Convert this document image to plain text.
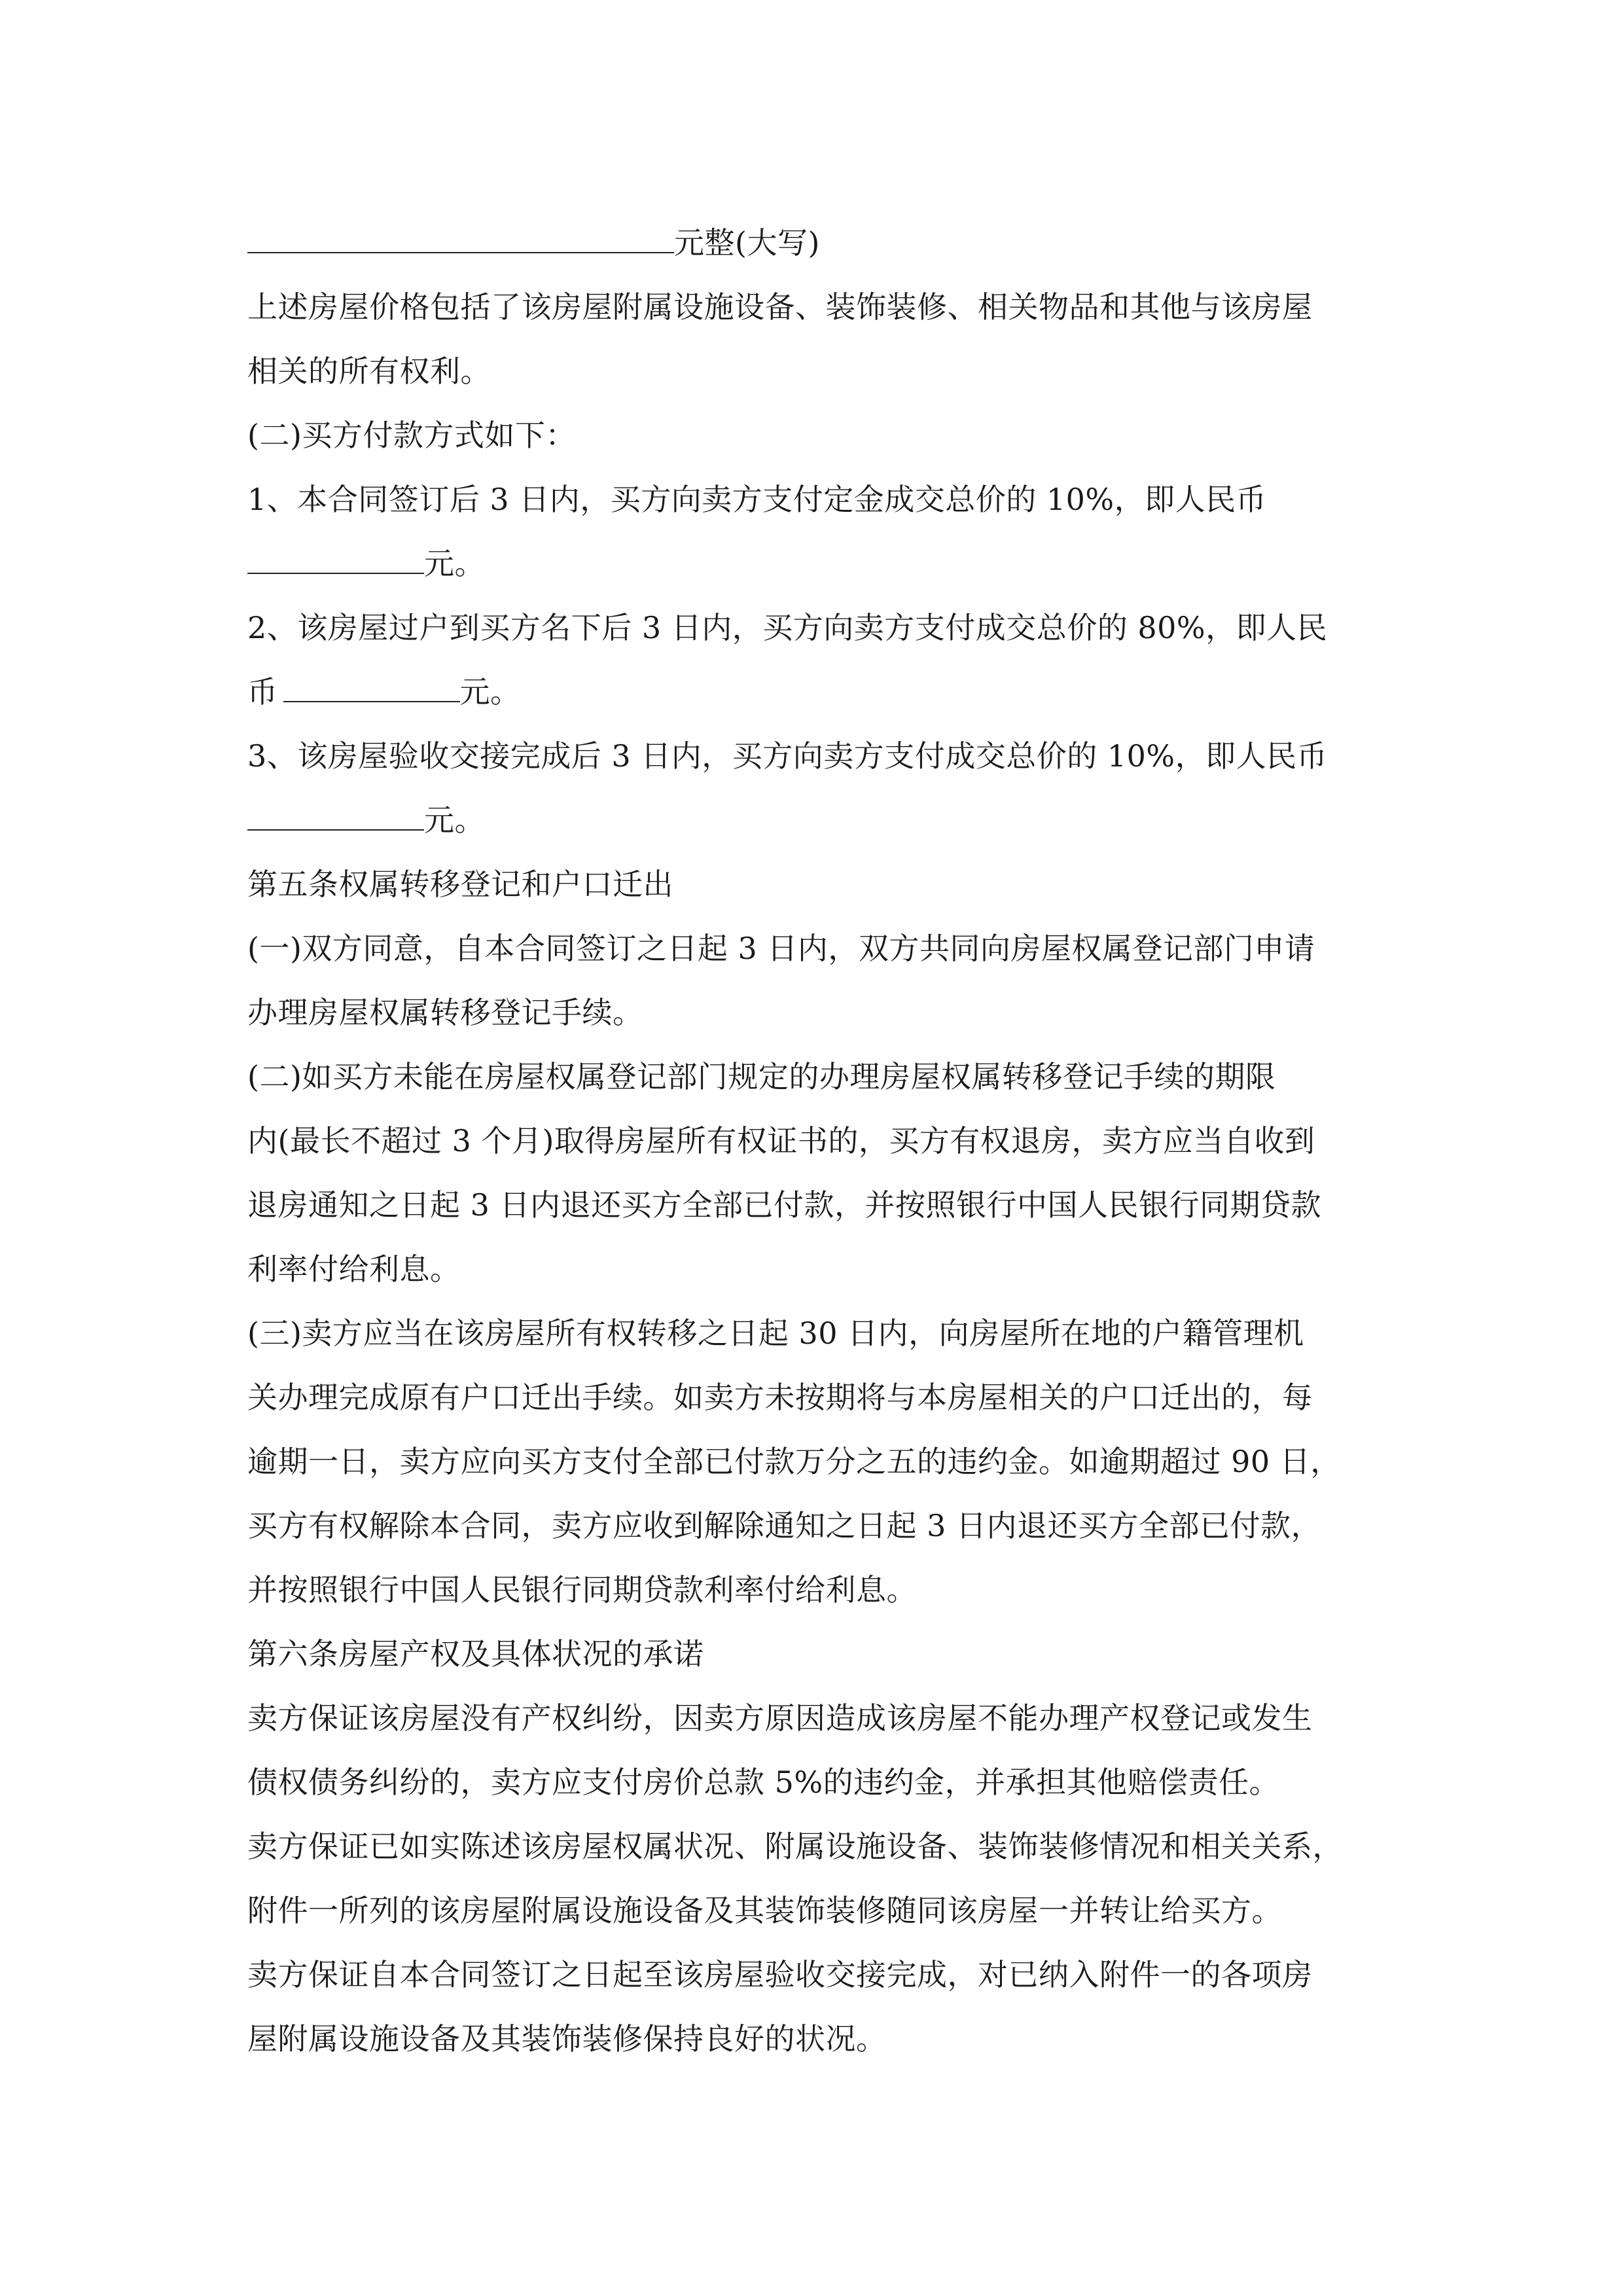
元整(大写)
上述房屋价格包括了该房屋附属设施设备、装饰装修、相关物品和其他与该房屋
相关的所有权利。
(二)买方付款方式如下：
1、本合同签订后 3 日内，买方向卖方支付定金成交总价的 10%，即人民币
元。
2、该房屋过户到买方名下后 3 日内，买方向卖方支付成交总价的 80%，即人民
币	元。
3、该房屋验收交接完成后 3 日内，买方向卖方支付成交总价的 10%，即人民币
元。
第五条权属转移登记和户口迁出
(一)双方同意，自本合同签订之日起 3 日内，双方共同向房屋权属登记部门申请
办理房屋权属转移登记手续。
(二)如买方未能在房屋权属登记部门规定的办理房屋权属转移登记手续的期限
内(最长不超过 3 个月)取得房屋所有权证书的，买方有权退房，卖方应当自收到
退房通知之日起 3 日内退还买方全部已付款，并按照银行中国人民银行同期贷款
利率付给利息。
(三)卖方应当在该房屋所有权转移之日起 30 日内，向房屋所在地的户籍管理机
关办理完成原有户口迁出手续。如卖方未按期将与本房屋相关的户口迁出的，每
逾期一日，卖方应向买方支付全部已付款万分之五的违约金。如逾期超过 90 日，
买方有权解除本合同，卖方应收到解除通知之日起 3 日内退还买方全部已付款，
并按照银行中国人民银行同期贷款利率付给利息。
第六条房屋产权及具体状况的承诺
卖方保证该房屋没有产权纠纷，因卖方原因造成该房屋不能办理产权登记或发生
债权债务纠纷的，卖方应支付房价总款 5%的违约金，并承担其他赔偿责任。
卖方保证已如实陈述该房屋权属状况、附属设施设备、装饰装修情况和相关关系，
附件一所列的该房屋附属设施设备及其装饰装修随同该房屋一并转让给买方。
卖方保证自本合同签订之日起至该房屋验收交接完成，对已纳入附件一的各项房
屋附属设施设备及其装饰装修保持良好的状况。
